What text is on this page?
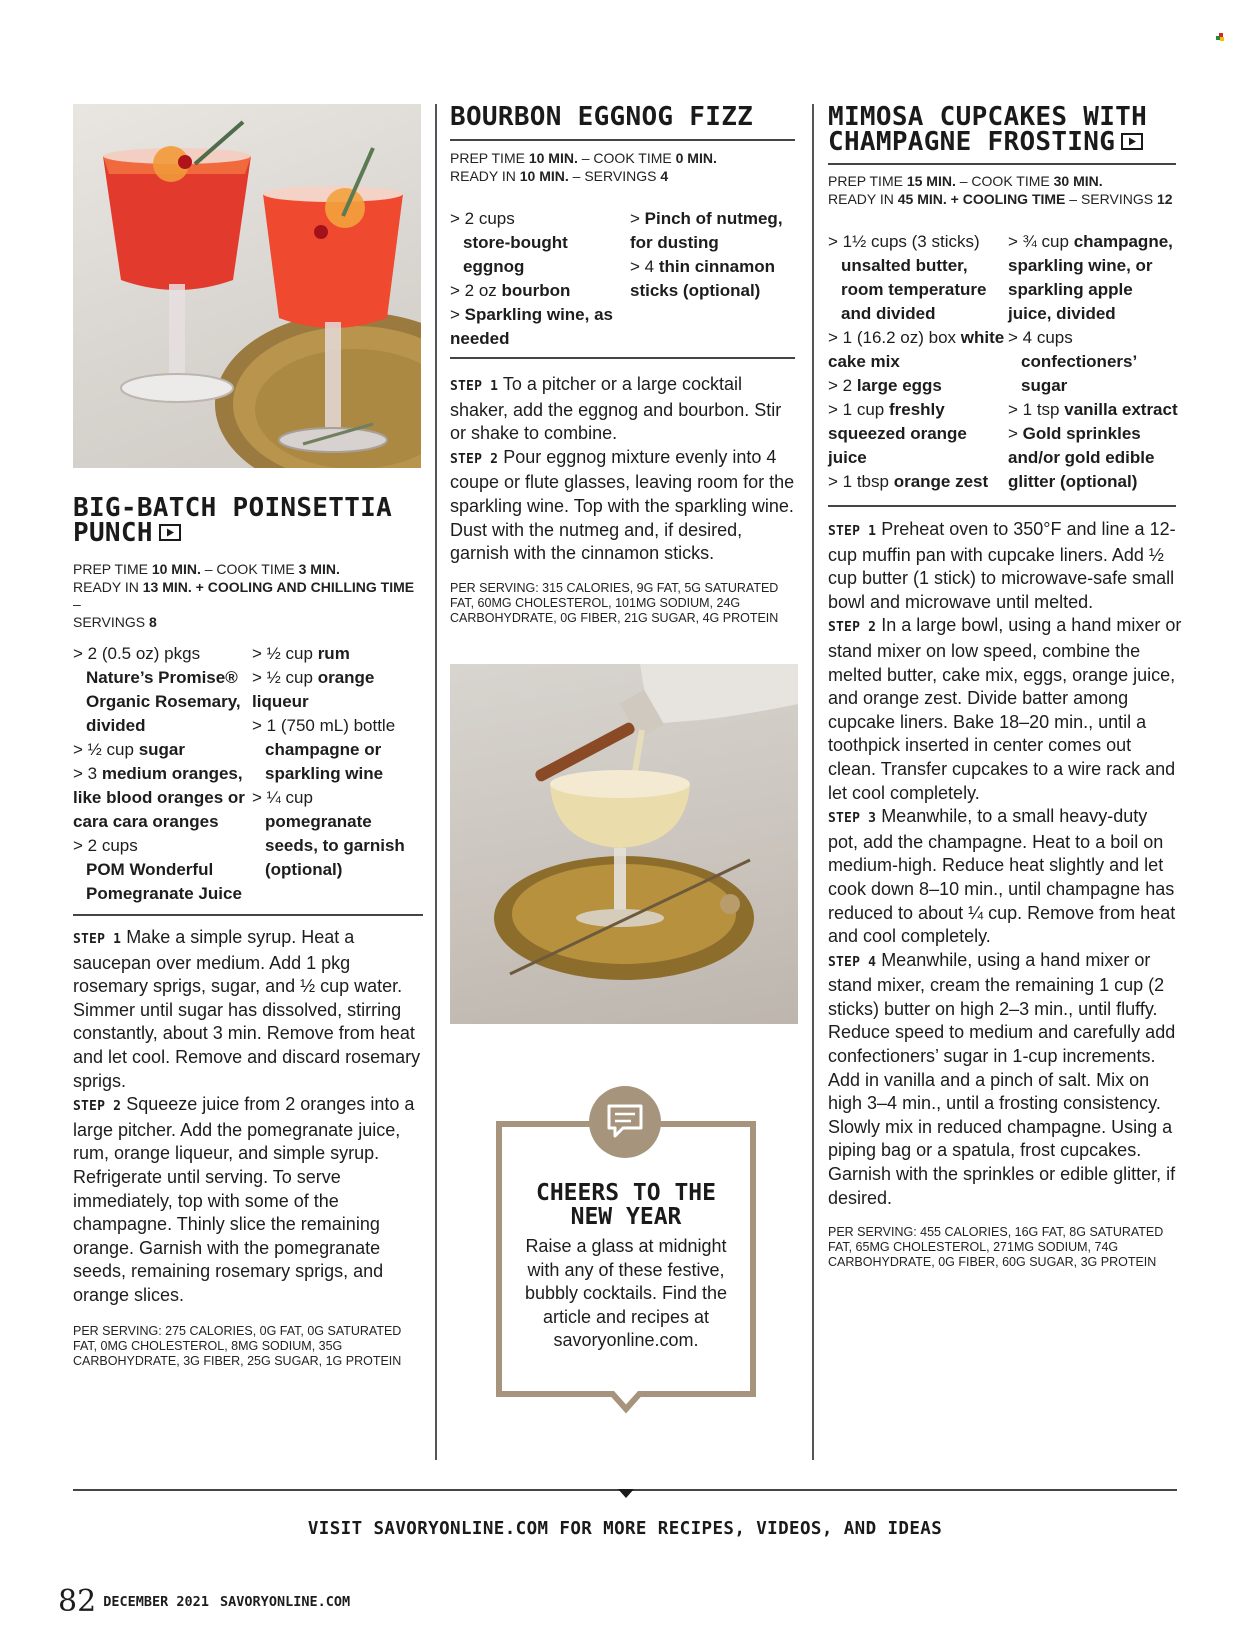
BIG-BATCH POINSETTIA
PUNCH
PREP TIME 10 MIN. – COOK TIME 3 MIN.
READY IN 13 MIN. + COOLING AND CHILLING TIME –
SERVINGS 8
> 2 (0.5 oz) pkgs
Nature’s Promise® Organic Rosemary, divided
> ½ cup sugar
> 3 medium oranges, like blood oranges or cara cara oranges
> 2 cups
POM Wonderful Pomegranate Juice
> ½ cup rum
> ½ cup orange liqueur
> 1 (750 mL) bottle
champagne or sparkling wine
> ¼ cup
pomegranate seeds, to garnish (optional)

STEP 1 Make a simple syrup. Heat a saucepan over medium. Add 1 pkg rosemary sprigs, sugar, and ½ cup water. Simmer until sugar has dissolved, stirring constantly, about 3 min. Remove from heat and let cool. Remove and discard rosemary sprigs.

STEP 2 Squeeze juice from 2 oranges into a large pitcher. Add the pomegranate juice, rum, orange liqueur, and simple syrup. Refrigerate until serving. To serve immediately, top with some of the champagne. Thinly slice the remaining orange. Garnish with the pomegranate seeds, remaining rosemary sprigs, and orange slices.

PER SERVING: 275 CALORIES, 0G FAT, 0G SATURATED FAT, 0MG CHOLESTEROL, 8MG SODIUM, 35G CARBOHYDRATE, 3G FIBER, 25G SUGAR, 1G PROTEIN
BOURBON EGGNOG FIZZ
PREP TIME 10 MIN. – COOK TIME 0 MIN.
READY IN 10 MIN. – SERVINGS 4
> 2 cups
store-bought eggnog
> 2 oz bourbon
> Sparkling wine, as needed
> Pinch of nutmeg, for dusting
> 4 thin cinnamon sticks (optional)

STEP 1 To a pitcher or a large cocktail shaker, add the eggnog and bourbon. Stir or shake to combine.

STEP 2 Pour eggnog mixture evenly into 4 coupe or flute glasses, leaving room for the sparkling wine. Top with the sparkling wine. Dust with the nutmeg and, if desired, garnish with the cinnamon sticks.

PER SERVING: 315 CALORIES, 9G FAT, 5G SATURATED FAT, 60MG CHOLESTEROL, 101MG SODIUM, 24G CARBOHYDRATE, 0G FIBER, 21G SUGAR, 4G PROTEIN
CHEERS TO THE
NEW YEAR
Raise a glass at midnight with any of these festive, bubbly cocktails. Find the article and recipes at savoryonline.com.
MIMOSA CUPCAKES WITH
CHAMPAGNE FROSTING
PREP TIME 15 MIN. – COOK TIME 30 MIN.
READY IN 45 MIN. + COOLING TIME – SERVINGS 12
> 1½ cups (3 sticks)
unsalted butter, room temperature and divided
> 1 (16.2 oz) box white cake mix
> 2 large eggs
> 1 cup freshly squeezed orange juice
> 1 tbsp orange zest
> ¾ cup champagne, sparkling wine, or sparkling apple juice, divided
> 4 cups
confectioners’ sugar
> 1 tsp vanilla extract
> Gold sprinkles and/or gold edible glitter (optional)

STEP 1 Preheat oven to 350°F and line a 12-cup muffin pan with cupcake liners. Add ½ cup butter (1 stick) to microwave-safe small bowl and microwave until melted.

STEP 2 In a large bowl, using a hand mixer or stand mixer on low speed, combine the melted butter, cake mix, eggs, orange juice, and orange zest. Divide batter among cupcake liners. Bake 18–20 min., until a toothpick inserted in center comes out clean. Transfer cupcakes to a wire rack and let cool completely.

STEP 3 Meanwhile, to a small heavy-duty pot, add the champagne. Heat to a boil on medium-high. Reduce heat slightly and let cook down 8–10 min., until champagne has reduced to about ¼ cup. Remove from heat and cool completely.

STEP 4 Meanwhile, using a hand mixer or stand mixer, cream the remaining 1 cup (2 sticks) butter on high 2–3 min., until fluffy. Reduce speed to medium and carefully add confectioners’ sugar in 1-cup increments. Add in vanilla and a pinch of salt. Mix on high 3–4 min., until a frosting consistency. Slowly mix in reduced champagne. Using a piping bag or a spatula, frost cupcakes. Garnish with the sprinkles or edible glitter, if desired.

PER SERVING: 455 CALORIES, 16G FAT, 8G SATURATED FAT, 65MG CHOLESTEROL, 271MG SODIUM, 74G CARBOHYDRATE, 0G FIBER, 60G SUGAR, 3G PROTEIN
VISIT SAVORYONLINE.COM FOR MORE RECIPES, VIDEOS, AND IDEAS
82 DECEMBER 2021 SAVORYONLINE.COM
